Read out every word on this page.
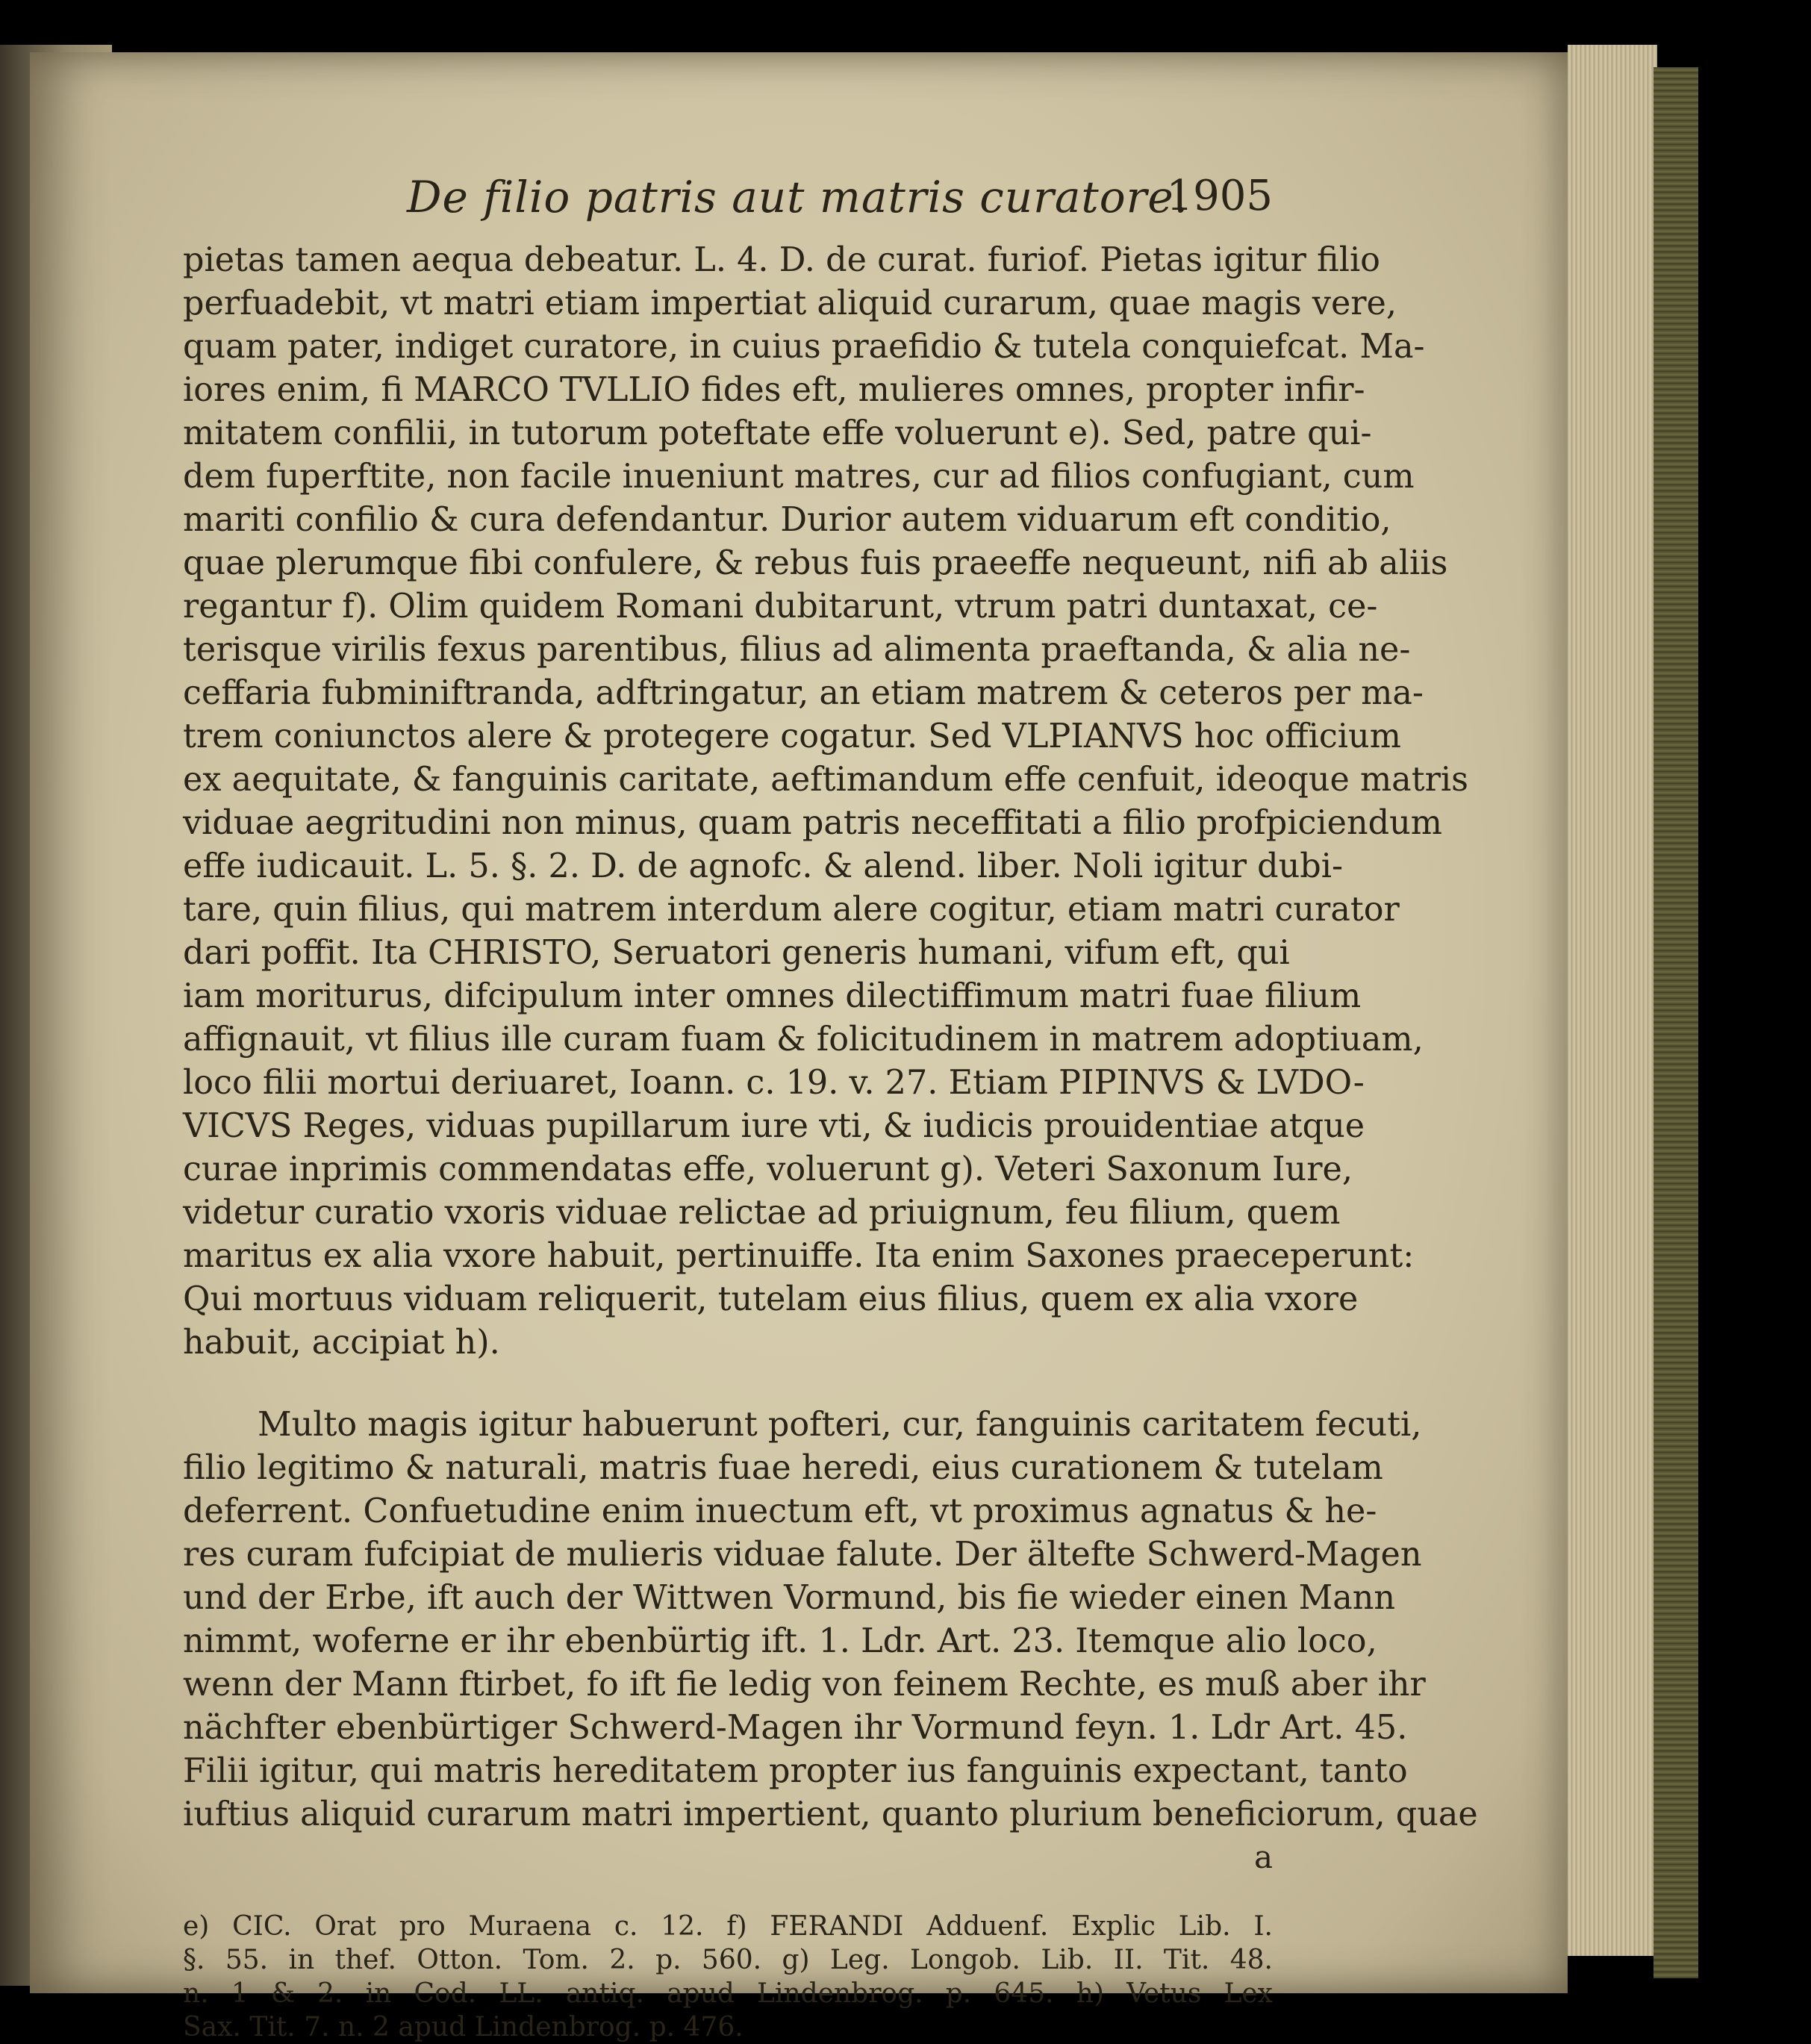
De filio patris aut matris curatore.
1905

pietas tamen aequa debeatur. L. 4. D. de curat. furiof. Pietas igitur filio

perfuadebit, vt matri etiam impertiat aliquid curarum, quae magis vere,

quam pater, indiget curatore, in cuius praefidio & tutela conquiefcat. Ma-

iores enim, fi MARCO TVLLIO fides eft, mulieres omnes, propter infir-

mitatem confilii, in tutorum poteftate effe voluerunt e). Sed, patre qui-

dem fuperftite, non facile inueniunt matres, cur ad filios confugiant, cum

mariti confilio & cura defendantur. Durior autem viduarum eft conditio,

quae plerumque fibi confulere, & rebus fuis praeeffe nequeunt, nifi ab aliis

regantur f). Olim quidem Romani dubitarunt, vtrum patri duntaxat, ce-

terisque virilis fexus parentibus, filius ad alimenta praeftanda, & alia ne-

ceffaria fubminiftranda, adftringatur, an etiam matrem & ceteros per ma-

trem coniunctos alere & protegere cogatur. Sed VLPIANVS hoc officium

ex aequitate, & fanguinis caritate, aeftimandum effe cenfuit, ideoque matris

viduae aegritudini non minus, quam patris neceffitati a filio profpiciendum

effe iudicauit. L. 5. §. 2. D. de agnofc. & alend. liber. Noli igitur dubi-

tare, quin filius, qui matrem interdum alere cogitur, etiam matri curator

dari poffit. Ita CHRISTO, Seruatori generis humani, vifum eft, qui

iam moriturus, difcipulum inter omnes dilectiffimum matri fuae filium

affignauit, vt filius ille curam fuam & folicitudinem in matrem adoptiuam,

loco filii mortui deriuaret, Ioann. c. 19. v. 27. Etiam PIPINVS & LVDO-

VICVS Reges, viduas pupillarum iure vti, & iudicis prouidentiae atque

curae inprimis commendatas effe, voluerunt g). Veteri Saxonum Iure,

videtur curatio vxoris viduae relictae ad priuignum, feu filium, quem

maritus ex alia vxore habuit, pertinuiffe. Ita enim Saxones praeceperunt:

Qui mortuus viduam reliquerit, tutelam eius filius, quem ex alia vxore

habuit, accipiat h).

Multo magis igitur habuerunt pofteri, cur, fanguinis caritatem fecuti,

filio legitimo & naturali, matris fuae heredi, eius curationem & tutelam

deferrent. Confuetudine enim inuectum eft, vt proximus agnatus & he-

res curam fufcipiat de mulieris viduae falute. Der ältefte Schwerd-Magen

und der Erbe, ift auch der Wittwen Vormund, bis fie wieder einen Mann

nimmt, woferne er ihr ebenbürtig ift. 1. Ldr. Art. 23. Itemque alio loco,

wenn der Mann ftirbet, fo ift fie ledig von feinem Rechte, es muß aber ihr

nächfter ebenbürtiger Schwerd-Magen ihr Vormund feyn. 1. Ldr Art. 45.

Filii igitur, qui matris hereditatem propter ius fanguinis expectant, tanto

iuftius aliquid curarum matri impertient, quanto plurium beneficiorum, quae

a

e) CIC. Orat pro Muraena c. 12. f) FERANDI Adduenf. Explic Lib. I.

§. 55. in thef. Otton. Tom. 2. p. 560. g) Leg. Longob. Lib. II. Tit. 48.

n. 1 & 2. in Cod. LL. antiq. apud Lindenbrog. p. 645. h) Vetus Lex

Sax. Tit. 7. n. 2 apud Lindenbrog. p. 476.
